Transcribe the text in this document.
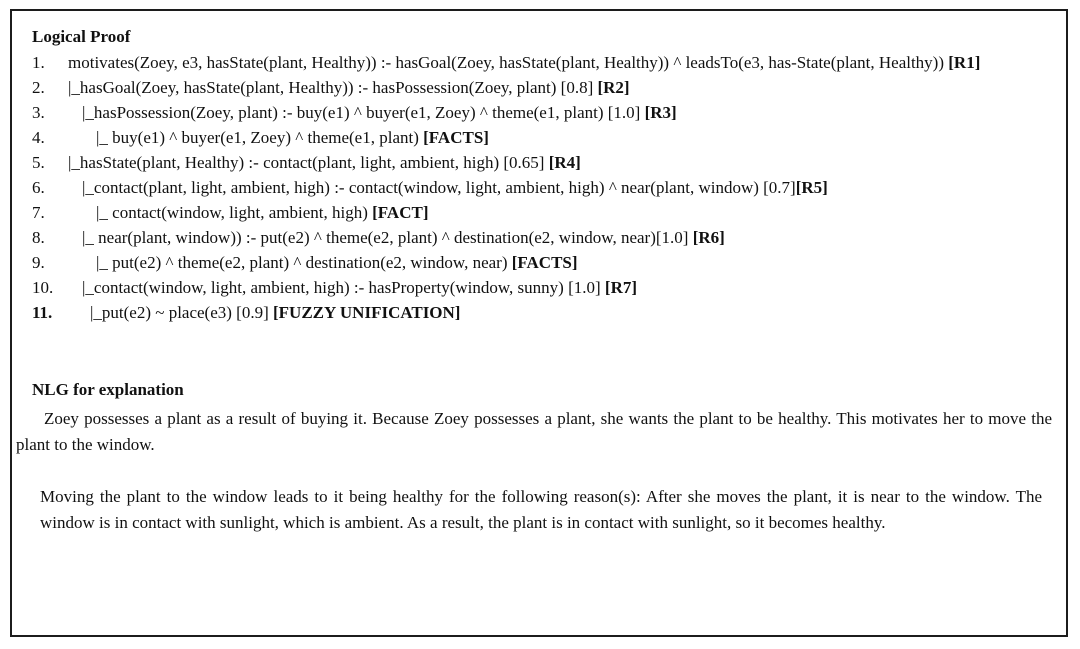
Logical Proof
1.	motivates(Zoey, e3, hasState(plant, Healthy)) :- hasGoal(Zoey, hasState(plant, Healthy)) ^ leadsTo(e3, has-State(plant, Healthy)) [R1]
2.	|_hasGoal(Zoey, hasState(plant, Healthy)) :- hasPossession(Zoey, plant) [0.8] [R2]
3.	|_hasPossession(Zoey, plant) :- buy(e1) ^ buyer(e1, Zoey) ^ theme(e1, plant) [1.0] [R3]
4.	|_ buy(e1) ^ buyer(e1, Zoey) ^ theme(e1, plant) [FACTS]
5.	|_hasState(plant, Healthy) :- contact(plant, light, ambient, high) [0.65] [R4]
6.	|_contact(plant, light, ambient, high) :- contact(window, light, ambient, high) ^ near(plant, window) [0.7][R5]
7.	|_ contact(window, light, ambient, high) [FACT]
8.	|_ near(plant, window)) :- put(e2) ^ theme(e2, plant) ^ destination(e2, window, near)[1.0] [R6]
9.	|_ put(e2) ^ theme(e2, plant) ^ destination(e2, window, near) [FACTS]
10.	|_contact(window, light, ambient, high) :- hasProperty(window, sunny) [1.0] [R7]
11.	|_put(e2) ~ place(e3) [0.9] [FUZZY UNIFICATION]
NLG for explanation

Zoey possesses a plant as a result of buying it. Because Zoey possesses a plant, she wants the plant to be healthy. This motivates her to move the plant to the window.

Moving the plant to the window leads to it being healthy for the following reason(s): After she moves the plant, it is near to the window. The window is in contact with sunlight, which is ambient. As a result, the plant is in contact with sunlight, so it becomes healthy.
